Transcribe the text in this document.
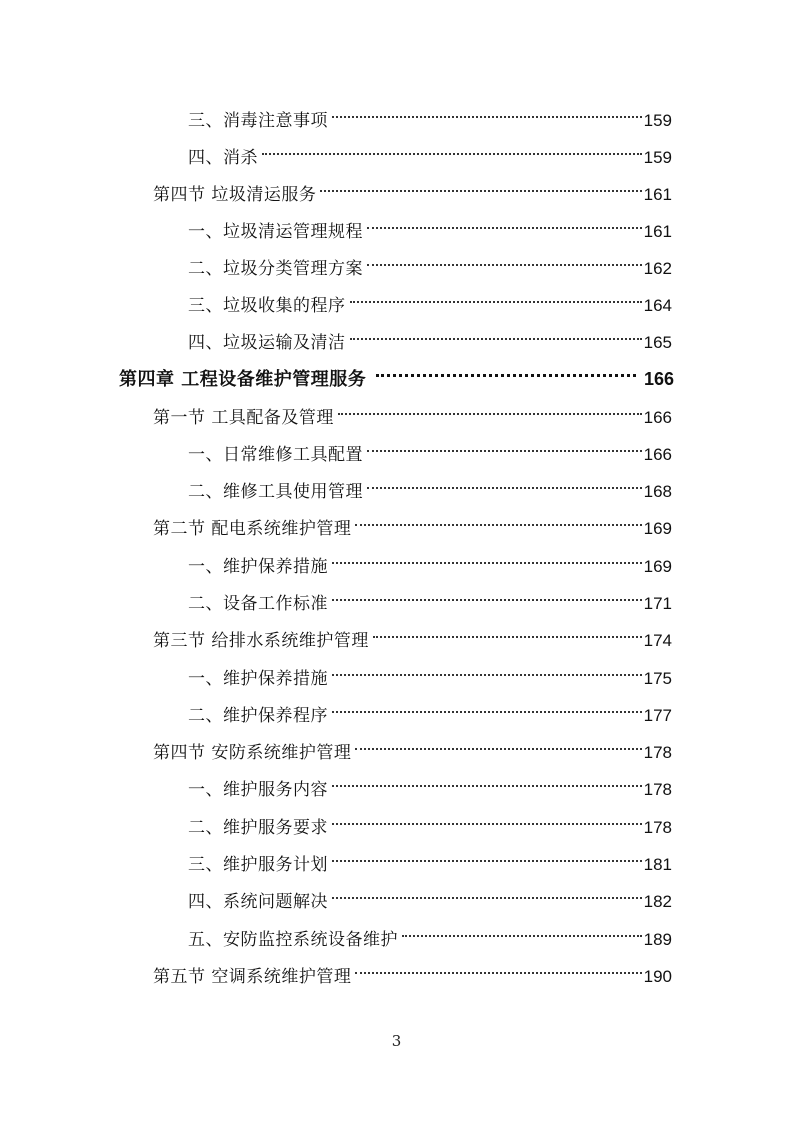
三、消毒注意事项	159
四、消杀	159
第四节 垃圾清运服务	161
一、垃圾清运管理规程	161
二、垃圾分类管理方案	162
三、垃圾收集的程序	164
四、垃圾运输及清洁	165
第四章 工程设备维护管理服务	166
第一节 工具配备及管理	166
一、日常维修工具配置	166
二、维修工具使用管理	168
第二节 配电系统维护管理	169
一、维护保养措施	169
二、设备工作标准	171
第三节 给排水系统维护管理	174
一、维护保养措施	175
二、维护保养程序	177
第四节 安防系统维护管理	178
一、维护服务内容	178
二、维护服务要求	178
三、维护服务计划	181
四、系统问题解决	182
五、安防监控系统设备维护	189
第五节 空调系统维护管理	190
3
